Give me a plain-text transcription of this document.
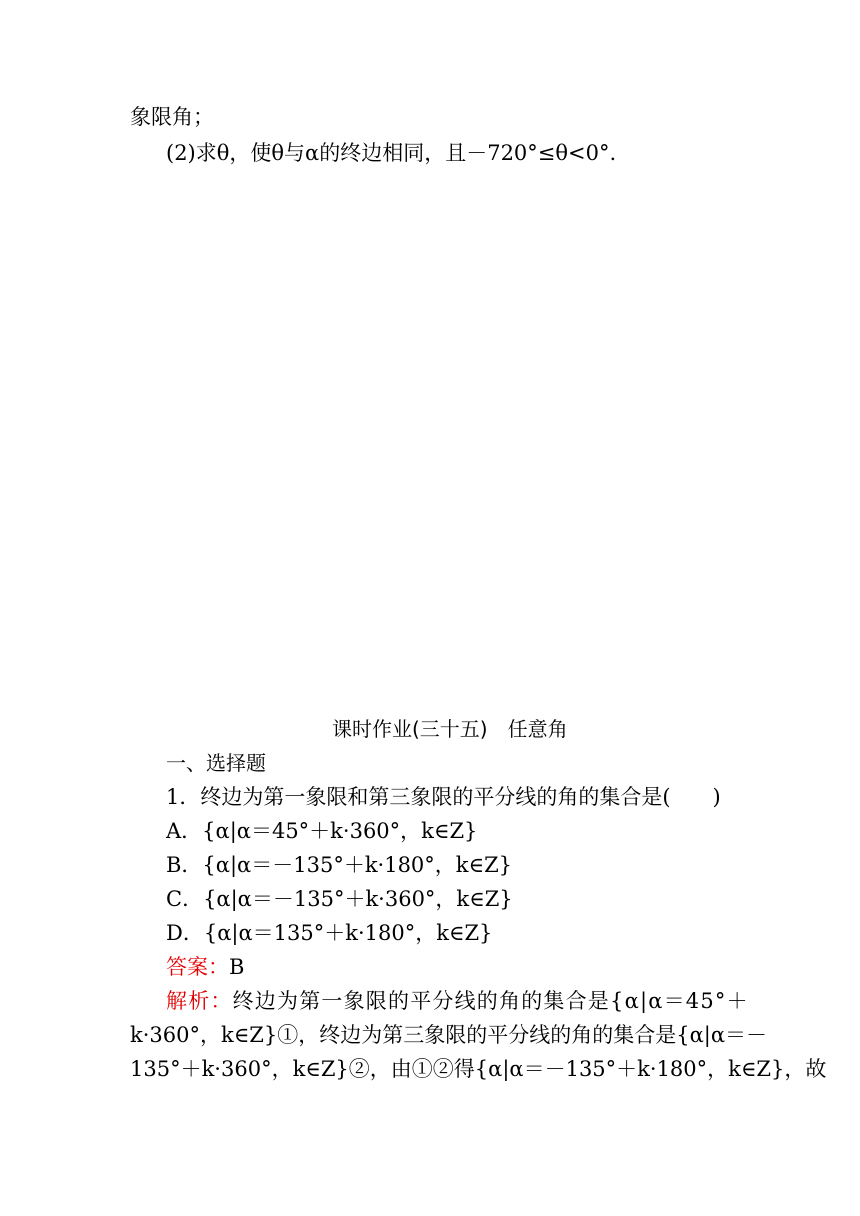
象限角；
(2)求θ，使θ与α的终边相同，且－720°≤θ<0°.
课时作业(三十五)　任意角
一、选择题
1．终边为第一象限和第三象限的平分线的角的集合是(　　)
A．{α|α＝45°＋k·360°，k∈Z}
B．{α|α＝－135°＋k·180°，k∈Z}
C．{α|α＝－135°＋k·360°，k∈Z}
D．{α|α＝135°＋k·180°，k∈Z}
答案：B
解析：终边为第一象限的平分线的角的集合是{α|α＝45°＋
k·360°，k∈Z}①，终边为第三象限的平分线的角的集合是{α|α＝－
135°＋k·360°，k∈Z}②，由①②得{α|α＝－135°＋k·180°，k∈Z}，故
